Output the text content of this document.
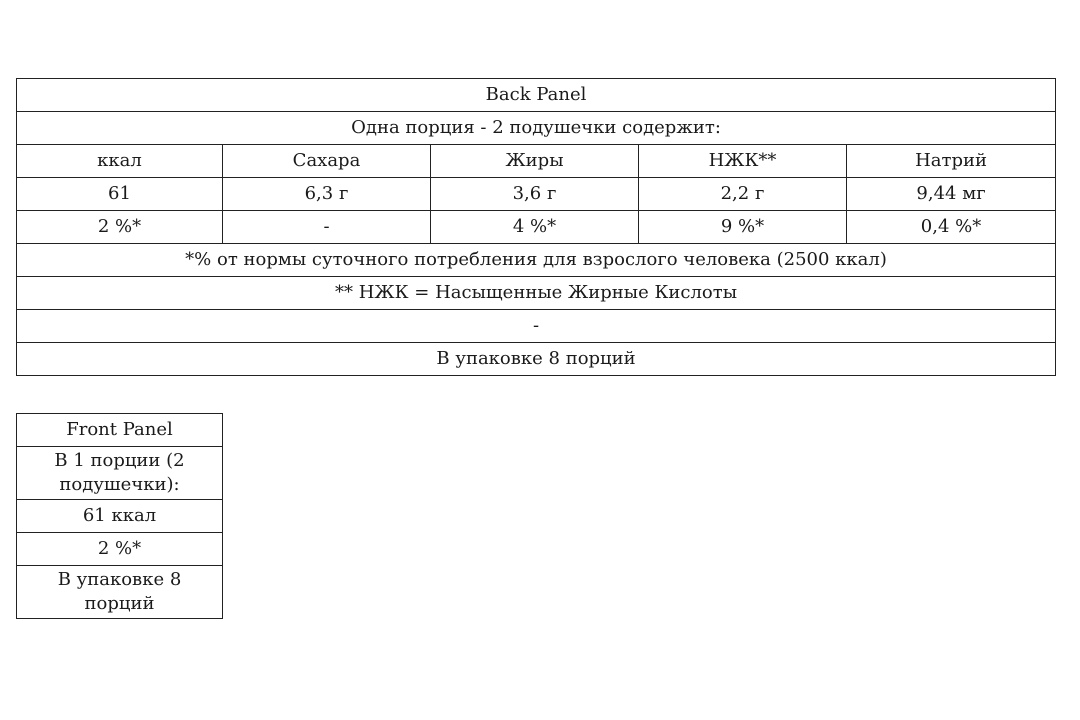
Back Panel				
Одна порция - 2 подушечки содержит:				
ккал	Сахара	Жиры	НЖК**	Натрий
61	6,3 г	3,6 г	2,2 г	9,44 мг
2 %*	-	4 %*	9 %*	0,4 %*
*% от нормы суточного потребления для взрослого человека (2500 ккал)				
** НЖК = Насыщенные Жирные Кислоты				
-				
В упаковке 8 порций				
Front Panel
В 1 порции (2 подушечки):
61 ккал
2 %*
В упаковке 8 порций
